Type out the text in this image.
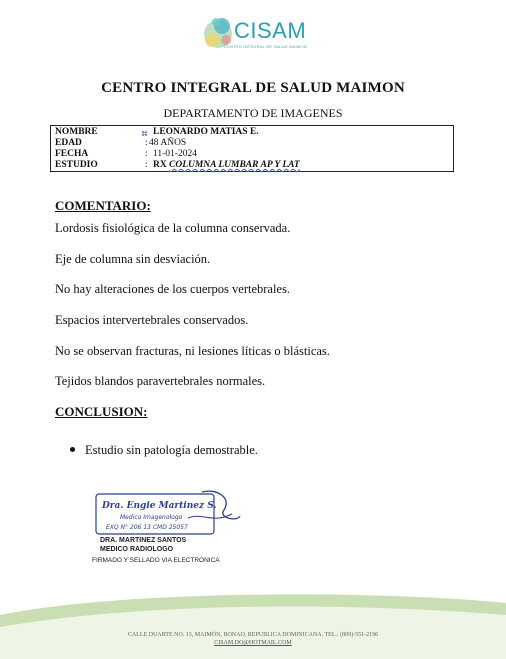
CISAM
CENTRO INTEGRAL DE SALUD MAIMON
CENTRO INTEGRAL DE SALUD MAIMON
DEPARTAMENTO DE IMAGENES
NOMBRE	⌘ LEONARDO MATIAS E.
EDAD	: 48 AÑOS
FECHA	: 11-01-2024
ESTUDIO	: RX COLUMNA LUMBAR AP Y LAT
COMENTARIO:
Lordosis fisiológica de la columna conservada.
Eje de columna sin desviación.
No hay alteraciones de los cuerpos vertebrales.
Espacios intervertebrales conservados.
No se observan fracturas, ni lesiones líticas o blásticas.
Tejidos blandos paravertebrales normales.
CONCLUSION:
Estudio sin patología demostrable.
Dra. Engie Martinez S.
Medico Imagenologo
EXQ N° 206 13 CMD 25057
DRA. MARTINEZ SANTOS
MEDICO RADIOLOGO
FIRMADO Y SELLADO VIA ELECTRONICA
CALLE DUARTE NO. 13, MAIMÓN, BONAO, REPUBLICA DOMINICANA, TEL.: (809)-551-2196
CISAM.DO@HOTMAIL.COM
